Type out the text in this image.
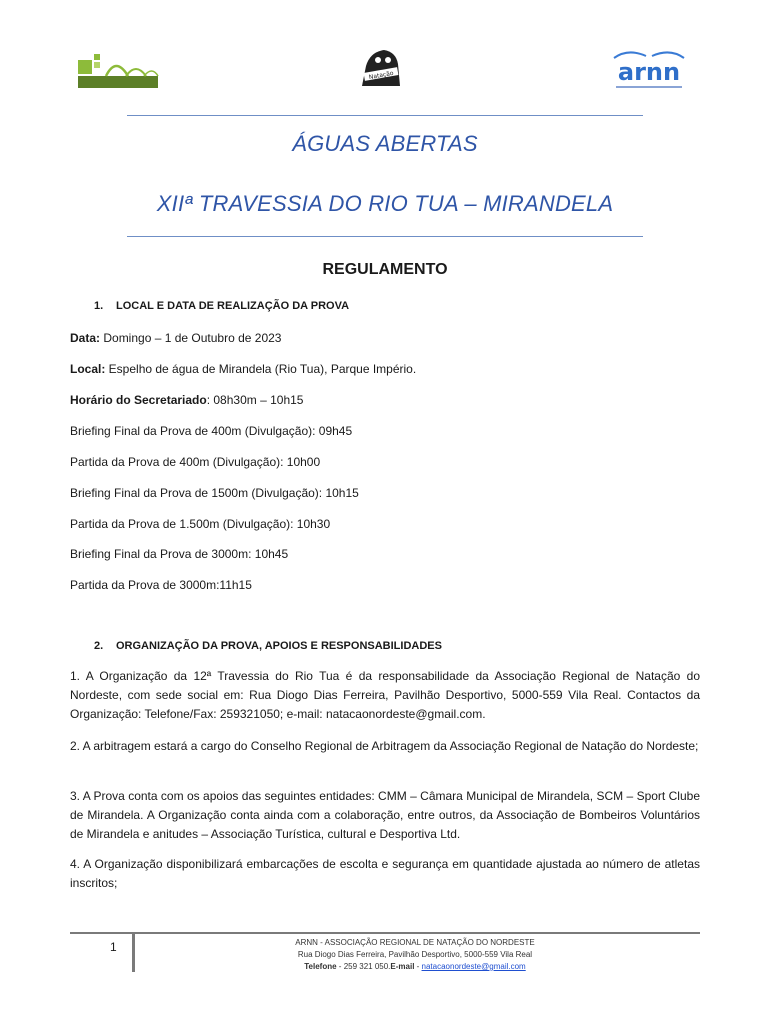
Natação	arnn
ÁGUAS ABERTAS
XIIª TRAVESSIA DO RIO TUA – MIRANDELA
REGULAMENTO
1. LOCAL E DATA DE REALIZAÇÃO DA PROVA
Data: Domingo – 1 de Outubro de 2023
Local: Espelho de água de Mirandela (Rio Tua), Parque Império.
Horário do Secretariado: 08h30m – 10h15
Briefing Final da Prova de 400m (Divulgação): 09h45
Partida da Prova de 400m (Divulgação): 10h00
Briefing Final da Prova de 1500m (Divulgação): 10h15
Partida da Prova de 1.500m (Divulgação): 10h30
Briefing Final da Prova de 3000m: 10h45
Partida da Prova de 3000m:11h15
2. ORGANIZAÇÃO DA PROVA, APOIOS E RESPONSABILIDADES
1. A Organização da 12ª Travessia do Rio Tua é da responsabilidade da Associação Regional de Natação do Nordeste, com sede social em: Rua Diogo Dias Ferreira, Pavilhão Desportivo, 5000-559 Vila Real. Contactos da Organização: Telefone/Fax: 259321050; e-mail: natacaonordeste@gmail.com.
2. A arbitragem estará a cargo do Conselho Regional de Arbitragem da Associação Regional de Natação do Nordeste;
3. A Prova conta com os apoios das seguintes entidades: CMM – Câmara Municipal de Mirandela, SCM – Sport Clube de Mirandela. A Organização conta ainda com a colaboração, entre outros, da Associação de Bombeiros Voluntários de Mirandela e anitudes – Associação Turística, cultural e Desportiva Ltd.
4. A Organização disponibilizará embarcações de escolta e segurança em quantidade ajustada ao número de atletas inscritos;
1	ARNN - ASSOCIAÇÃO REGIONAL DE NATAÇÃO DO NORDESTE
Rua Diogo Dias Ferreira, Pavilhão Desportivo, 5000-559 Vila Real
Telefone - 259 321 050.E-mail - natacaonordeste@gmail.com
